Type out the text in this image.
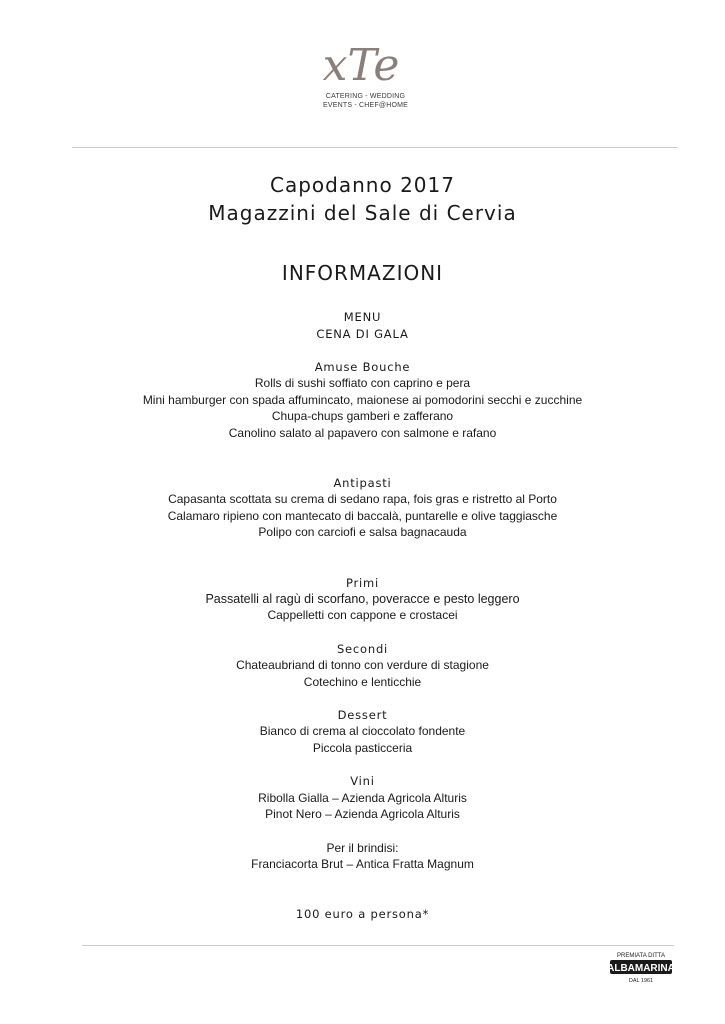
xTe
CATERING - WEDDING
EVENTS - CHEF@HOME
Capodanno 2017
Magazzini del Sale di Cervia
INFORMAZIONI
MENU
CENA DI GALA
Amuse Bouche
Rolls di sushi soffiato con caprino e pera
Mini hamburger con spada affumincato, maionese ai pomodorini secchi e zucchine
Chupa-chups gamberi e zafferano
Canolino salato al papavero con salmone e rafano
Antipasti
Capasanta scottata su crema di sedano rapa, fois gras e ristretto al Porto
Calamaro ripieno con mantecato di baccalà, puntarelle e olive taggiasche
Polipo con carciofi e salsa bagnacauda
Primi
Passatelli al ragù di scorfano, poveracce e pesto leggero
Cappelletti con cappone e crostacei
Secondi
Chateaubriand di tonno con verdure di stagione
Cotechino e lenticchie
Dessert
Bianco di crema al cioccolato fondente
Piccola pasticceria
Vini
Ribolla Gialla – Azienda Agricola Alturis
Pinot Nero – Azienda Agricola Alturis
Per il brindisi:
Franciacorta Brut – Antica Fratta Magnum
100 euro a persona*
PREMIATA DITTA
ALBAMARINA
DAL 1961
